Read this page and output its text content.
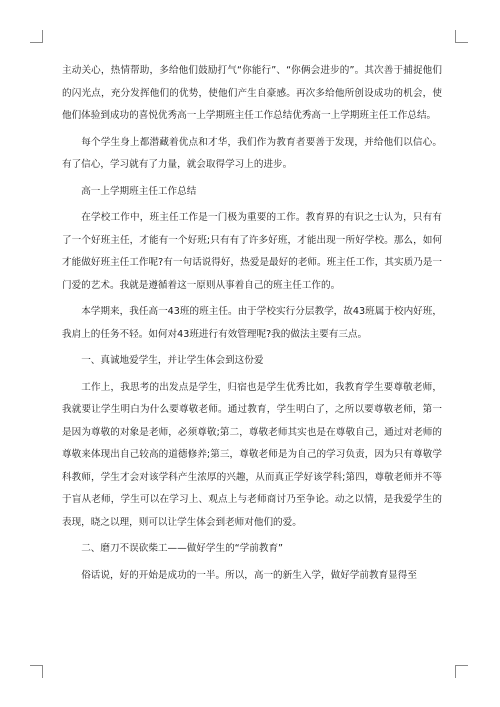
主动关心，热情帮助，多给他们鼓励打气“你能行”、“你俩会进步的”。其次善于捕捉他们的闪光点，充分发挥他们的优势，使他们产生自豪感。再次多给他所创设成功的机会，使他们体验到成功的喜悦优秀高一上学期班主任工作总结优秀高一上学期班主任工作总结。

每个学生身上都潜藏着优点和才华，我们作为教育者要善于发现，并给他们以信心。有了信心，学习就有了力量，就会取得学习上的进步。

高一上学期班主任工作总结

在学校工作中，班主任工作是一门极为重要的工作。教育界的有识之士认为，只有有了一个好班主任，才能有一个好班;只有有了许多好班，才能出现一所好学校。那么，如何才能做好班主任工作呢?有一句话说得好，热爱是最好的老师。班主任工作，其实质乃是一门爱的艺术。我就是遵循着这一原则从事着自己的班主任工作的。

本学期来，我任高一43班的班主任。由于学校实行分层教学，故43班属于校内好班，我肩上的任务不轻。如何对43班进行有效管理呢?我的做法主要有三点。

一、真诚地爱学生，并让学生体会到这份爱

工作上，我思考的出发点是学生，归宿也是学生优秀比如，我教育学生要尊敬老师，我就要让学生明白为什么要尊敬老师。通过教育，学生明白了，之所以要尊敬老师，第一是因为尊敬的对象是老师，必须尊敬;第二，尊敬老师其实也是在尊敬自己，通过对老师的尊敬来体现出自己较高的道德修养;第三，尊敬老师是为自己的学习负责，因为只有尊敬学科教师，学生才会对该学科产生浓厚的兴趣，从而真正学好该学科;第四，尊敬老师并不等于盲从老师，学生可以在学习上、观点上与老师商讨乃至争论。动之以情，是我爱学生的表现，晓之以理，则可以让学生体会到老师对他们的爱。

二、磨刀不误砍柴工——做好学生的“学前教育”

俗话说，好的开始是成功的一半。所以，高一的新生入学，做好学前教育显得至
